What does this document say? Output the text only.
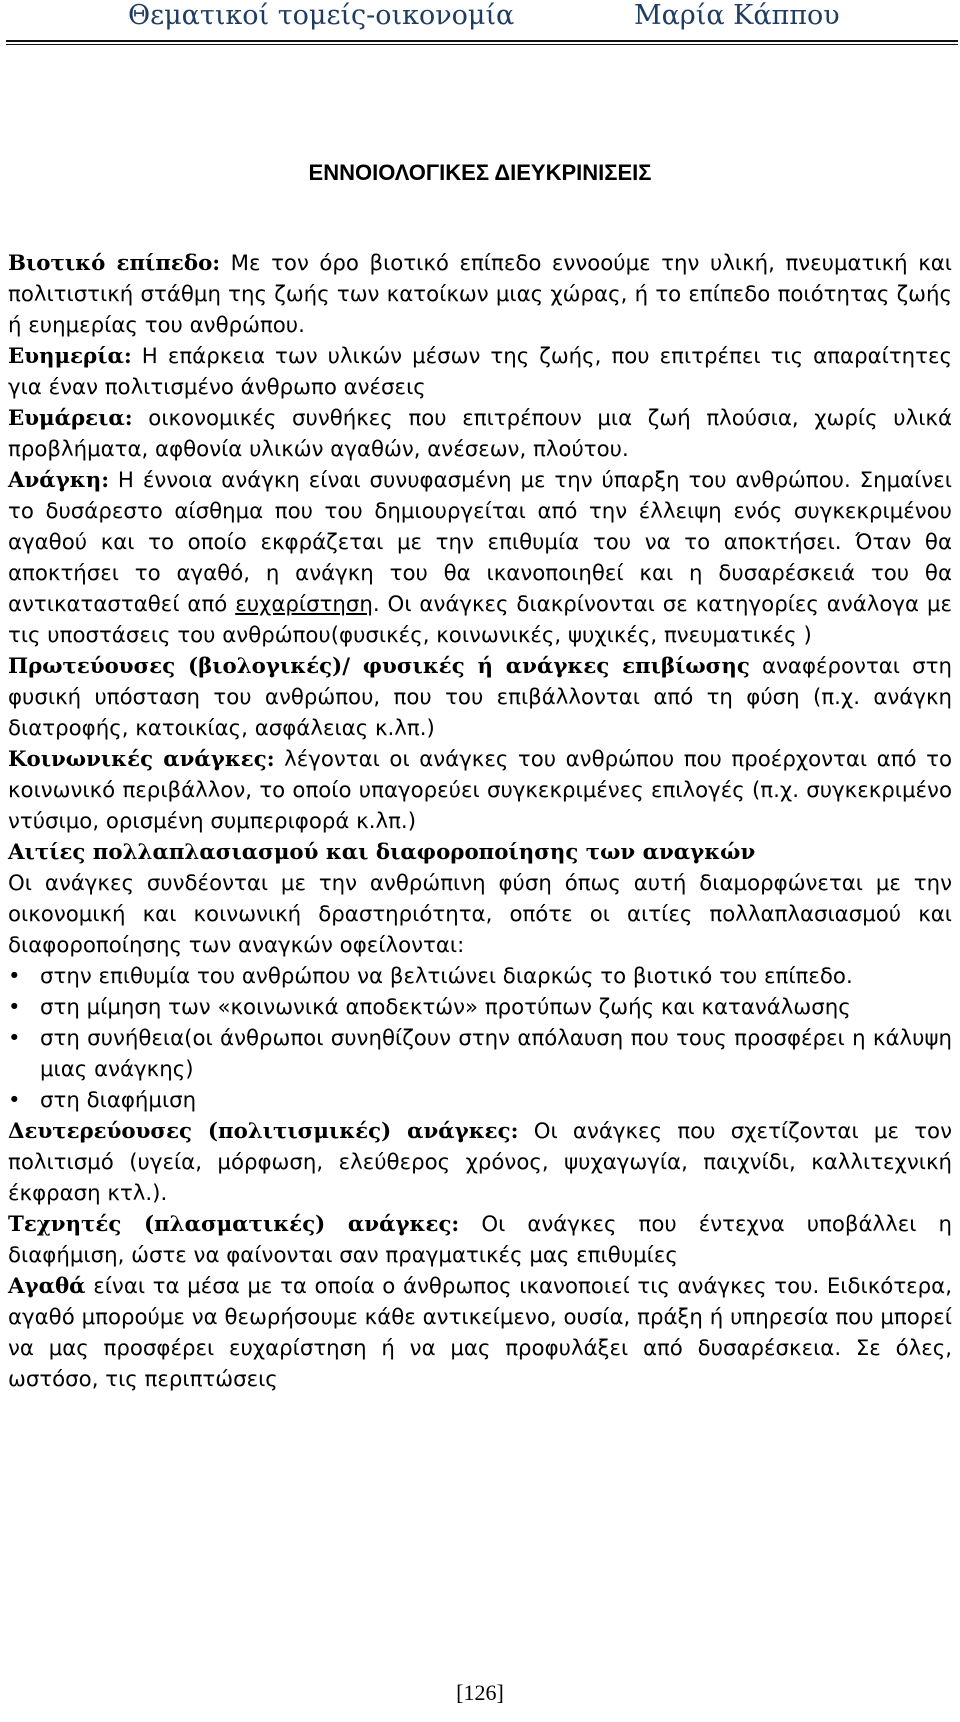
Θεματικοί τομείς-οικονομία	Μαρία Κάππου
ΕΝΝΟΙΟΛΟΓΙΚΕΣ ΔΙΕΥΚΡΙΝΙΣΕΙΣ

Βιοτικό επίπεδο: Με τον όρο βιοτικό επίπεδο εννοούμε την υλική, πνευματική και πολιτιστική στάθμη της ζωής των κατοίκων μιας χώρας, ή το επίπεδο ποιότητας ζωής ή ευημερίας του ανθρώπου.

Ευημερία: Η επάρκεια των υλικών μέσων της ζωής, που επιτρέπει τις απαραίτητες για έναν πολιτισμένο άνθρωπο ανέσεις

Ευμάρεια: οικονομικές συνθήκες που επιτρέπουν μια ζωή πλούσια, χωρίς υλικά προβλήματα, αφθονία υλικών αγαθών, ανέσεων, πλούτου.

Ανάγκη: Η έννοια ανάγκη είναι συνυφασμένη με την ύπαρξη του ανθρώπου. Σημαίνει το δυσάρεστο αίσθημα που του δημιουργείται από την έλλειψη ενός συγκεκριμένου αγαθού και το οποίο εκφράζεται με την επιθυμία του να το αποκτήσει. Όταν θα αποκτήσει το αγαθό, η ανάγκη του θα ικανοποιηθεί και η δυσαρέσκειά του θα αντικατασταθεί από ευχαρίστηση. Οι ανάγκες διακρίνονται σε κατηγορίες ανάλογα με τις υποστάσεις του ανθρώπου(φυσικές, κοινωνικές, ψυχικές, πνευματικές )

Πρωτεύουσες (βιολογικές)/ φυσικές ή ανάγκες επιβίωσης αναφέρονται στη φυσική υπόσταση του ανθρώπου, που του επιβάλλονται από τη φύση (π.χ. ανάγκη διατροφής, κατοικίας, ασφάλειας κ.λπ.)

Κοινωνικές ανάγκες: λέγονται οι ανάγκες του ανθρώπου που προέρχονται από το κοινωνικό περιβάλλον, το οποίο υπαγορεύει συγκεκριμένες επιλογές (π.χ. συγκεκριμένο ντύσιμο, ορισμένη συμπεριφορά κ.λπ.)

Αιτίες πολλαπλασιασμού και διαφοροποίησης των αναγκών

Οι ανάγκες συνδέονται με την ανθρώπινη φύση όπως αυτή διαμορφώνεται με την οικονομική και κοινωνική δραστηριότητα, οπότε οι αιτίες πολλαπλασιασμού και διαφοροποίησης των αναγκών οφείλονται:

• στην επιθυμία του ανθρώπου να βελτιώνει διαρκώς το βιοτικό του επίπεδο.
• στη μίμηση των «κοινωνικά αποδεκτών» προτύπων ζωής και κατανάλωσης
• στη συνήθεια(οι άνθρωποι συνηθίζουν στην απόλαυση που τους προσφέρει η κάλυψη μιας ανάγκης)
• στη διαφήμιση

Δευτερεύουσες (πολιτισμικές) ανάγκες: Οι ανάγκες που σχετίζονται με τον πολιτισμό (υγεία, μόρφωση, ελεύθερος χρόνος, ψυχαγωγία, παιχνίδι, καλλιτεχνική έκφραση κτλ.).

Τεχνητές (πλασματικές) ανάγκες: Οι ανάγκες που έντεχνα υποβάλλει η διαφήμιση, ώστε να φαίνονται σαν πραγματικές μας επιθυμίες

Αγαθά είναι τα μέσα με τα οποία ο άνθρωπος ικανοποιεί τις ανάγκες του. Ειδικότερα, αγαθό μπορούμε να θεωρήσουμε κάθε αντικείμενο, ουσία, πράξη ή υπηρεσία που μπορεί να μας προσφέρει ευχαρίστηση ή να μας προφυλάξει από δυσαρέσκεια. Σε όλες, ωστόσο, τις περιπτώσεις

[126]
